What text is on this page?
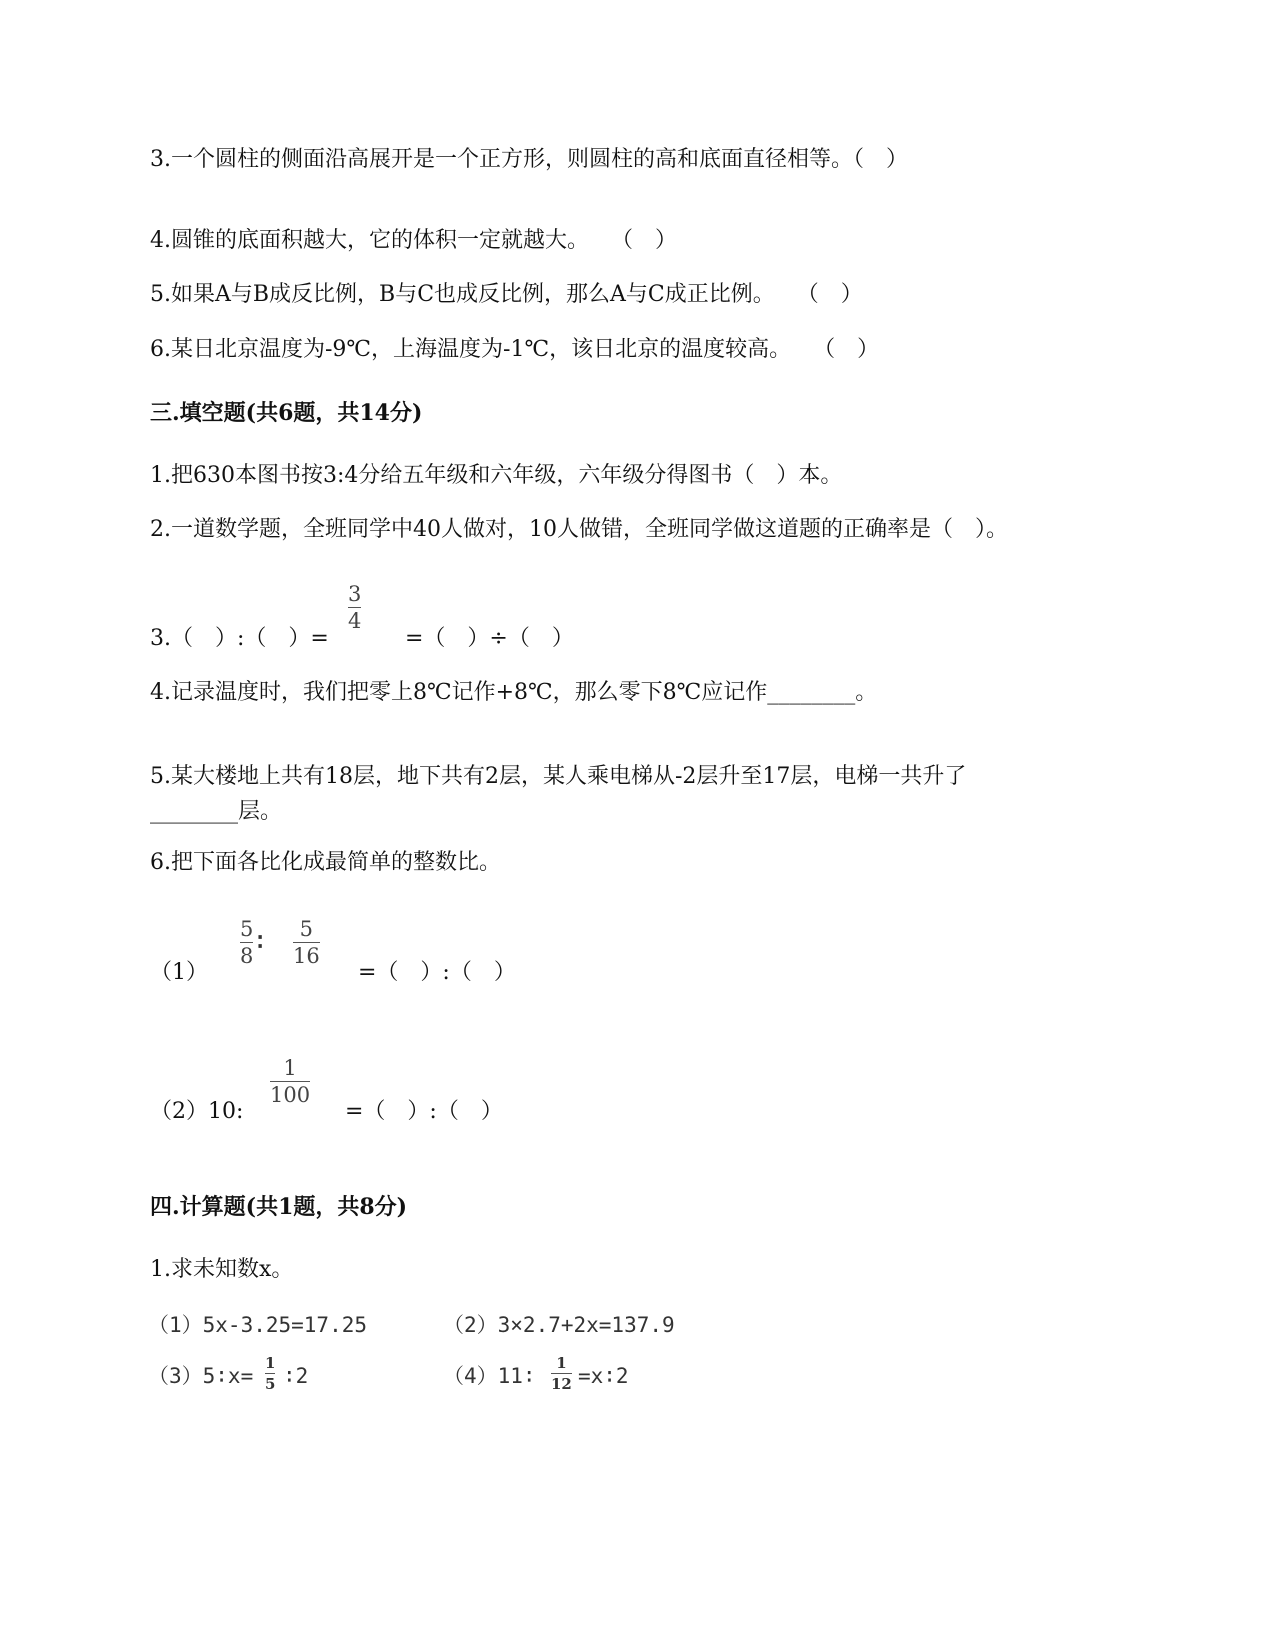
3.一个圆柱的侧面沿高展开是一个正方形，则圆柱的高和底面直径相等。（　）
4.圆锥的底面积越大，它的体积一定就越大。　　（　）
5.如果A与B成反比例，B与C也成反比例，那么A与C成正比例。　　（　）
6.某日北京温度为-9℃，上海温度为-1℃，该日北京的温度较高。　　（　）
三.填空题(共6题，共14分)
1.把630本图书按3:4分给五年级和六年级，六年级分得图书（　）本。
2.一道数学题，全班同学中40人做对，10人做错，全班同学做这道题的正确率是（　）。
3.（　）:（　）=
3
4
=（　）÷（　）
4.记录温度时，我们把零上8℃记作+8℃，那么零下8℃应记作________。
5.某大楼地上共有18层，地下共有2层，某人乘电梯从-2层升至17层，电梯一共升了
________层。
6.把下面各比化成最简单的整数比。
（1）
5
8 ∶ 5
16
=（　）:（　）
（2）10:
1
100
=（　）:（　）
四.计算题(共1题，共8分)
1.求未知数x。
（1）5x-3.25=17.25	（2）3×2.7+2x=137.9
（3）5∶x=
1
5 ∶2	（4）11∶
1
12 =x∶2
